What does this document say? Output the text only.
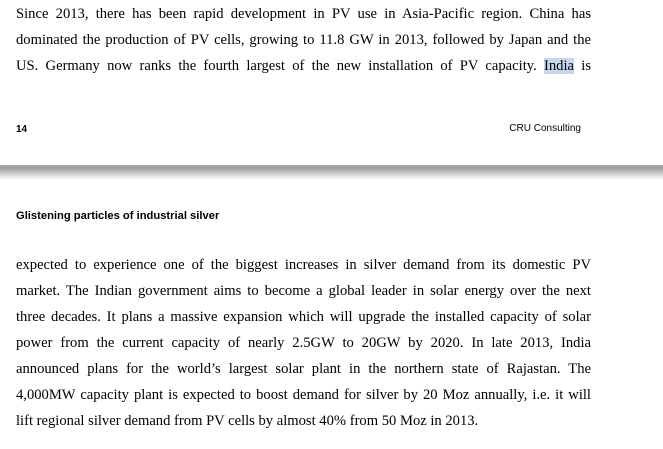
Since 2013, there has been rapid development in PV use in Asia-Pacific region. China has
dominated the production of PV cells, growing to 11.8 GW in 2013, followed by Japan and the
US. Germany now ranks the fourth largest of the new installation of PV capacity. India is
14	CRU Consulting
Glistening particles of industrial silver
expected to experience one of the biggest increases in silver demand from its domestic PV
market. The Indian government aims to become a global leader in solar energy over the next
three decades. It plans a massive expansion which will upgrade the installed capacity of solar
power from the current capacity of nearly 2.5GW to 20GW by 2020. In late 2013, India
announced plans for the world’s largest solar plant in the northern state of Rajastan. The
4,000MW capacity plant is expected to boost demand for silver by 20 Moz annually, i.e. it will
lift regional silver demand from PV cells by almost 40% from 50 Moz in 2013.
